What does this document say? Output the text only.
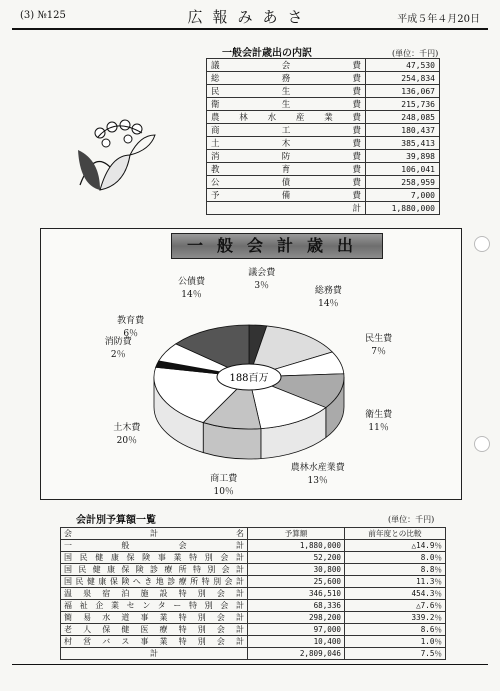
(3) №125	広報みあさ	平成５年４月20日
一般会計歳出の内訳	(単位：千円)
議会費	47,530
総務費	254,834
民生費	136,067
衛生費	215,736
農林水産業費	248,085
商工費	180,437
土木費	385,413
消防費	39,898
教育費	106,041
公債費	258,959
予備費	7,000
計	1,880,000
一般会計歳出
188百万
議会費
3％	総務費
14％
民生費
7％
衛生費
11％
農林水産業費
13％
商工費
10％
土木費
20％
消防費
2％
教育費
6％
公債費
14％
会計別予算額一覧	(単位：千円)
会計名	予算額	前年度との比較
一般会計	1,880,000	△14.9％
国民健康保険事業特別会計	52,200	8.0％
国民健康保険診療所特別会計	30,800	8.8％
国民健康保険へき地診療所特別会計	25,600	11.3％
温泉宿泊施設特別会計	346,510	454.3％
福祉企業センター特別会計	68,336	△7.6％
簡易水道事業特別会計	298,200	339.2％
老人保健医療特別会計	97,000	8.6％
村営バス事業特別会計	10,400	1.0％
計	2,809,046	7.5％
